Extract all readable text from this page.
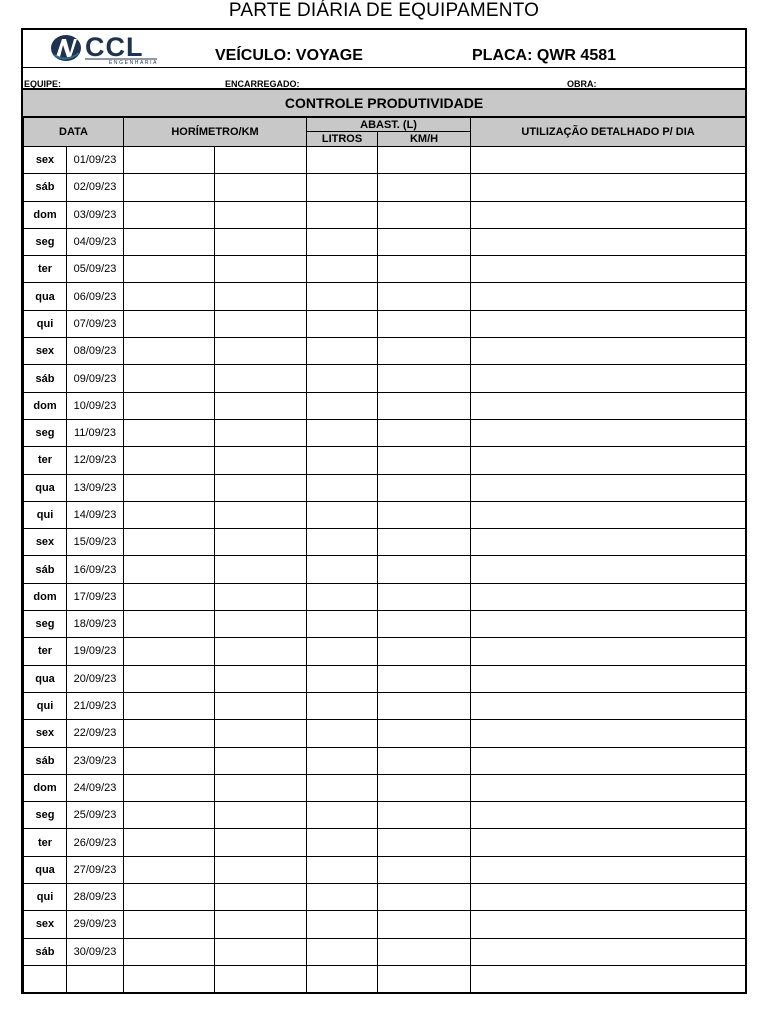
PARTE DIÁRIA DE EQUIPAMENTO
CCL
ENGENHARIA	VEÍCULO: VOYAGE	PLACA: QWR 4581
EQUIPE:	ENCARREGADO:	OBRA:
CONTROLE PRODUTIVIDADE
DATA		HORÍMETRO/KM		ABAST. (L)		UTILIZAÇÃO DETALHADO P/ DIA
				LITROS	KM/H	
sex	01/09/23					
sáb	02/09/23					
dom	03/09/23					
seg	04/09/23					
ter	05/09/23					
qua	06/09/23					
qui	07/09/23					
sex	08/09/23					
sáb	09/09/23					
dom	10/09/23					
seg	11/09/23					
ter	12/09/23					
qua	13/09/23					
qui	14/09/23					
sex	15/09/23					
sáb	16/09/23					
dom	17/09/23					
seg	18/09/23					
ter	19/09/23					
qua	20/09/23					
qui	21/09/23					
sex	22/09/23					
sáb	23/09/23					
dom	24/09/23					
seg	25/09/23					
ter	26/09/23					
qua	27/09/23					
qui	28/09/23					
sex	29/09/23					
sáb	30/09/23					
